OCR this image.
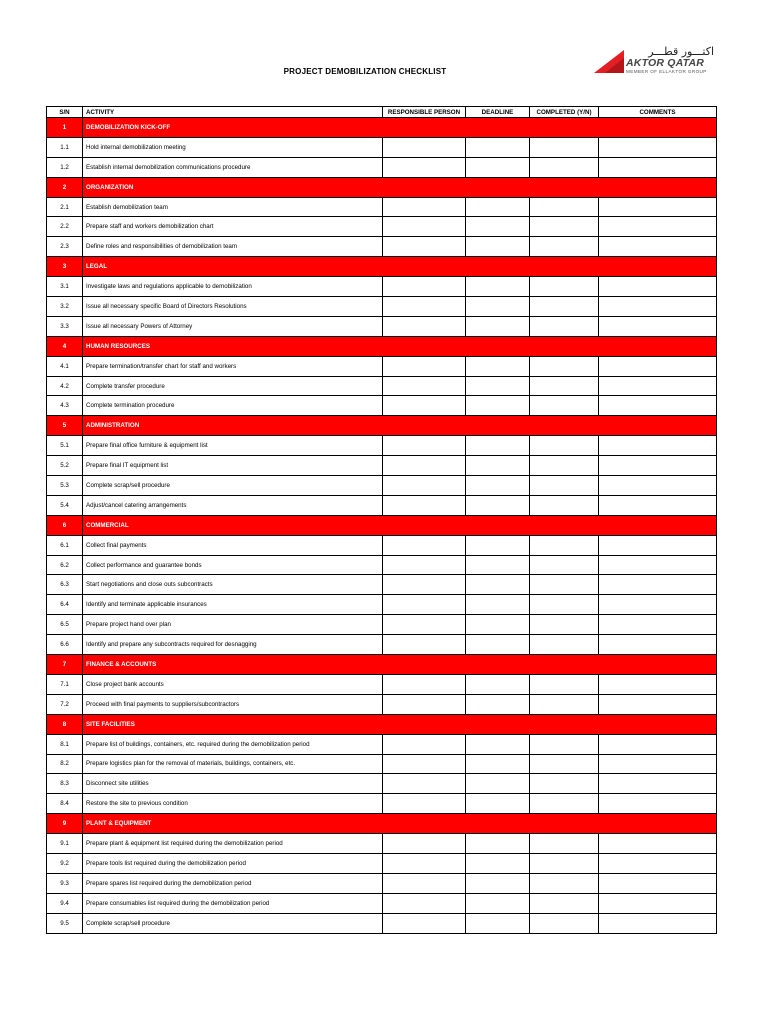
PROJECT DEMOBILIZATION CHECKLIST
اكتـــور قطـــر
AKTOR QATAR
MEMBER OF ELLAKTOR GROUP
S/N	ACTIVITY	RESPONSIBLE PERSON	DEADLINE	COMPLETED (Y/N)	COMMENTS
1	DEMOBILIZATION KICK-OFF				
1.1	Hold internal demobilization meeting				
1.2	Establish internal demobilization communications procedure				
2	ORGANIZATION				
2.1	Establish demobilization team				
2.2	Prepare staff and workers demobilization chart				
2.3	Define roles and responsibilities of demobilization team				
3	LEGAL				
3.1	Investigate laws and regulations applicable to demobilization				
3.2	Issue all necessary specific Board of Directors Resolutions				
3.3	Issue all necessary Powers of Attorney				
4	HUMAN RESOURCES				
4.1	Prepare termination/transfer chart for staff and workers				
4.2	Complete transfer procedure				
4.3	Complete termination procedure				
5	ADMINISTRATION				
5.1	Prepare final office furniture & equipment list				
5.2	Prepare final IT equipment list				
5.3	Complete scrap/sell procedure				
5.4	Adjust/cancel catering arrangements				
6	COMMERCIAL				
6.1	Collect final payments				
6.2	Collect performance and guarantee bonds				
6.3	Start negotiations and close outs subcontracts				
6.4	Identify and terminate applicable insurances				
6.5	Prepare project hand over plan				
6.6	Identify and prepare any subcontracts required for desnagging				
7	FINANCE & ACCOUNTS				
7.1	Close project bank accounts				
7.2	Proceed with final payments to suppliers/subcontractors				
8	SITE FACILITIES				
8.1	Prepare list of buildings, containers, etc. required during the demobilization period				
8.2	Prepare logistics plan for the removal of materials, buildings, containers, etc.				
8.3	Disconnect site utilities				
8.4	Restore the site to previous condition				
9	PLANT & EQUIPMENT				
9.1	Prepare plant & equipment list required during the demobilization period				
9.2	Prepare tools list required during the demobilization period				
9.3	Prepare spares list required during the demobilization period				
9.4	Prepare consumables list required during the demobilization period				
9.5	Complete scrap/sell procedure				
